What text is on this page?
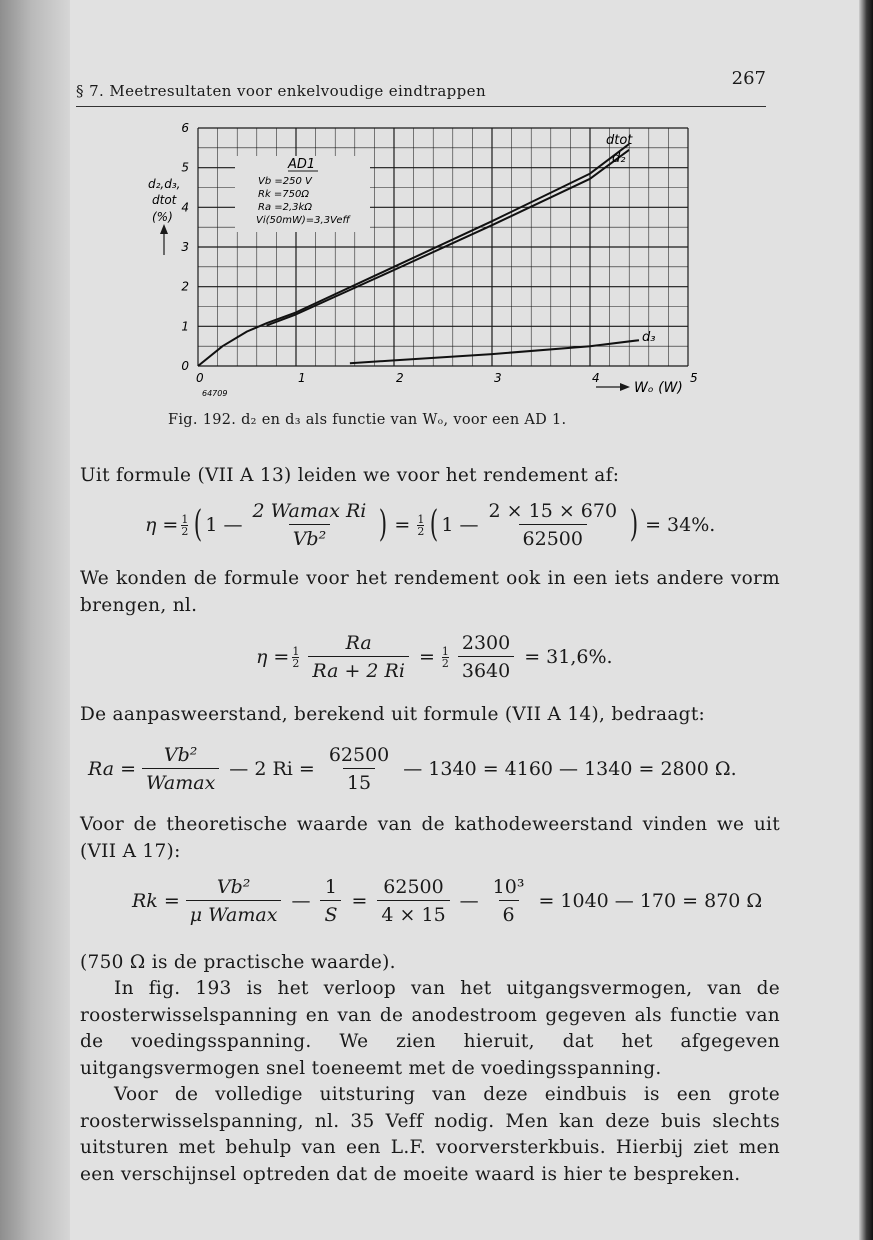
§ 7. Meetresultaten voor enkelvoudige eindtrappen
267
0	1	2	3	4	5
0
1
2
3
4
5
6
AD1
Vb =250 V
Rk =750Ω
Ra =2,3kΩ
Vi(50mW)=3,3Veff
d₂,d₃,
dtot
(%)
Wₒ (W)
64709
dtot
d₂
d₃
Fig. 192. d₂ en d₃ als functie van Wₒ, voor een AD 1.
Uit formule (VII A 13) leiden we voor het rendement af:
$\eta = \frac{1}{2}$ ( 1 — $\frac{\text{2 Wamax Ri}}{\text{Vb²}}$ ) = $\frac{1}{2}$ ( 1 — $\frac{2 \times 15 \times 670}{62500}$ ) = 34%.
We konden de formule voor het rendement ook in een iets andere vorm brengen, nl.
$\eta = \frac{1}{2} \frac{Ra}{Ra + 2 Ri} = \frac{1}{2} \frac{2300}{3640} = 31,6\%$.
De aanpasweerstand, berekend uit formule (VII A 14), bedraagt:
$Ra = \frac{\text{Vb²}}{Wamax}$ — 2 $Ri = \frac{62500}{15}$ — 1340 = 4160 — 1340 = 2800 Ω.
Voor de theoretische waarde van de kathodeweerstand vinden we uit (VII A 17):
$Rk = \frac{\text{Vb²}}{\text{μ Wamax}}$ — $\frac{1}{S} = \frac{62500}{4 \times 15}$ — $\frac{\text{10³}}{6} = 1040$ — 170 = 870 Ω
(750 Ω is de practische waarde).
In fig. 193 is het verloop van het uitgangsvermogen, van de roosterwisselspanning en van de anodestroom gegeven als functie van de voedingsspanning. We zien hieruit, dat het afgegeven uitgangsvermogen snel toeneemt met de voedingsspanning.
Voor de volledige uitsturing van deze eindbuis is een grote roosterwisselspanning, nl. 35 Veff nodig. Men kan deze buis slechts uitsturen met behulp van een L.F. voorversterkbuis. Hierbij ziet men een verschijnsel optreden dat de moeite waard is hier te bespreken.
